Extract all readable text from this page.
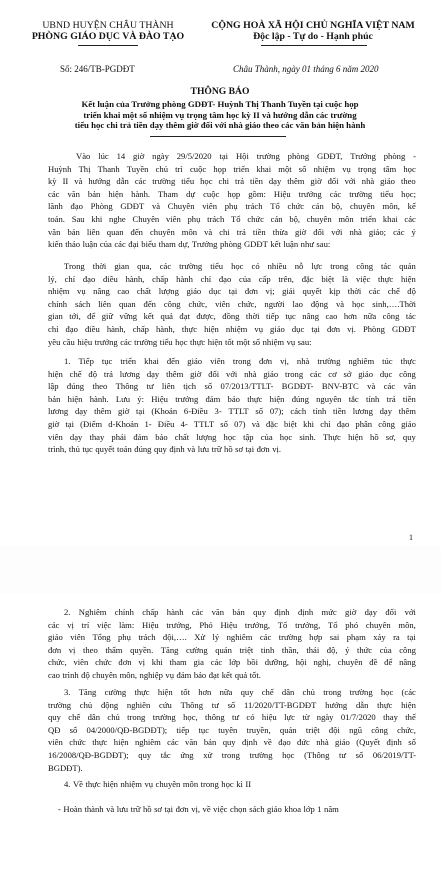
UBND HUYỆN CHÂU THÀNH
PHÒNG GIÁO DỤC VÀ ĐÀO TẠO
CỘNG HOÀ XÃ HỘI CHỦ NGHĨA VIỆT NAM
Độc lập - Tự do - Hạnh phúc
Số: 246/TB-PGDĐT	Châu Thành, ngày 01 tháng 6 năm 2020
THÔNG BÁO
Kết luận của Trưởng phòng GDĐT- Huỳnh Thị Thanh Tuyền tại cuộc họp
triển khai một số nhiệm vụ trọng tâm học kỳ II và hướng dẫn các trường
tiểu học chi trả tiền dạy thêm giờ đối với nhà giáo theo các văn bản hiện hành
Vào lúc 14 giờ ngày 29/5/2020 tại Hội trường phòng GDĐT, Trưởng phòng -
Huỳnh Thị Thanh Tuyền chủ trì cuộc họp triển khai một số nhiệm vụ trọng tâm học
kỳ II và hướng dẫn các trường tiểu học chi trả tiền dạy thêm giờ đối với nhà giáo theo
các văn bản hiện hành. Tham dự cuộc họp gồm: Hiệu trưởng các trường tiểu học;
lãnh đạo Phòng GDĐT và Chuyên viên phụ trách Tổ chức cán bộ, chuyên môn, kế
toán. Sau khi nghe Chuyên viên phụ trách Tổ chức cán bộ, chuyên môn triển khai các
văn bản liên quan đến chuyên môn và chi trả tiền thừa giờ đối với nhà giáo; các ý
kiến thảo luận của các đại biểu tham dự, Trưởng phòng GDĐT kết luận như sau:
Trong thời gian qua, các trường tiểu học có nhiều nỗ lực trong công tác quản
lý, chỉ đạo điều hành, chấp hành chỉ đạo của cấp trên, đặc biệt là việc thực hiện
nhiệm vụ nâng cao chất lượng giáo dục tại đơn vị; giải quyết kịp thời các chế độ
chính sách liên quan đến công chức, viên chức, người lao động và học sinh,….Thời
gian tới, để giữ vững kết quả đạt được, đồng thời tiếp tục nâng cao hơn nữa công tác
chỉ đạo điều hành, chấp hành, thực hiện nhiệm vụ giáo dục tại đơn vị. Phòng GDĐT
yêu cầu hiệu trưởng các trường tiểu học thực hiện tốt một số nhiệm vụ sau:
1. Tiếp tục triển khai đến giáo viên trong đơn vị, nhà trường nghiêm túc thực
hiện chế độ trả lương dạy thêm giờ đối với nhà giáo trong các cơ sở giáo dục công
lập đúng theo Thông tư liên tịch số 07/2013/TTLT- BGDĐT- BNV-BTC và các văn
bản hiện hành. Lưu ý: Hiệu trưởng đảm bảo thực hiện đúng nguyên tắc tính trả tiền
lương dạy thêm giờ tại (Khoản 6-Điều 3- TTLT số 07); cách tính tiền lương dạy thêm
giờ tại (Điểm d-Khoản 1- Điều 4- TTLT số 07) và đặc biệt khi chỉ đạo phân công giáo
viên dạy thay phải đảm bảo chất lượng học tập của học sinh. Thực hiện hồ sơ, quy
trình, thủ tục quyết toán đúng quy định và lưu trữ hồ sơ tại đơn vị.
2. Nghiêm chỉnh chấp hành các văn bản quy định định mức giờ dạy đối với
các vị trí việc làm: Hiệu trưởng, Phó Hiệu trưởng, Tổ trưởng, Tổ phó chuyên môn,
giáo viên Tổng phụ trách đội,…. Xử lý nghiêm các trường hợp sai phạm xảy ra tại
đơn vị theo thẩm quyền. Tăng cường quán triệt tinh thần, thái độ, ý thức của công
chức, viên chức đơn vị khi tham gia các lớp bồi dưỡng, hội nghị, chuyên đề để nâng
cao trình độ chuyên môn, nghiệp vụ đảm bảo đạt kết quả tốt.
3. Tăng cường thực hiện tốt hơn nữa quy chế dân chủ trong trường học (các
trường chủ động nghiên cứu Thông tư số 11/2020/TT-BGDĐT hướng dẫn thực hiện
quy chế dân chủ trong trường học, thông tư có hiệu lực từ ngày 01/7/2020 thay thế
QĐ số 04/2000/QĐ-BGDĐT); tiếp tục tuyên truyền, quán triệt đội ngũ công chức,
viên chức thực hiện nghiêm các văn bản quy định về đạo đức nhà giáo (Quyết định số
16/2008/QĐ-BGDĐT); quy tắc ứng xử trong trường học (Thông tư số 06/2019/TT-
BGDĐT).
4. Về thực hiện nhiệm vụ chuyên môn trong học kì II
- Hoàn thành và lưu trữ hồ sơ tại đơn vị, về việc chọn sách giáo khoa lớp 1 năm
1
